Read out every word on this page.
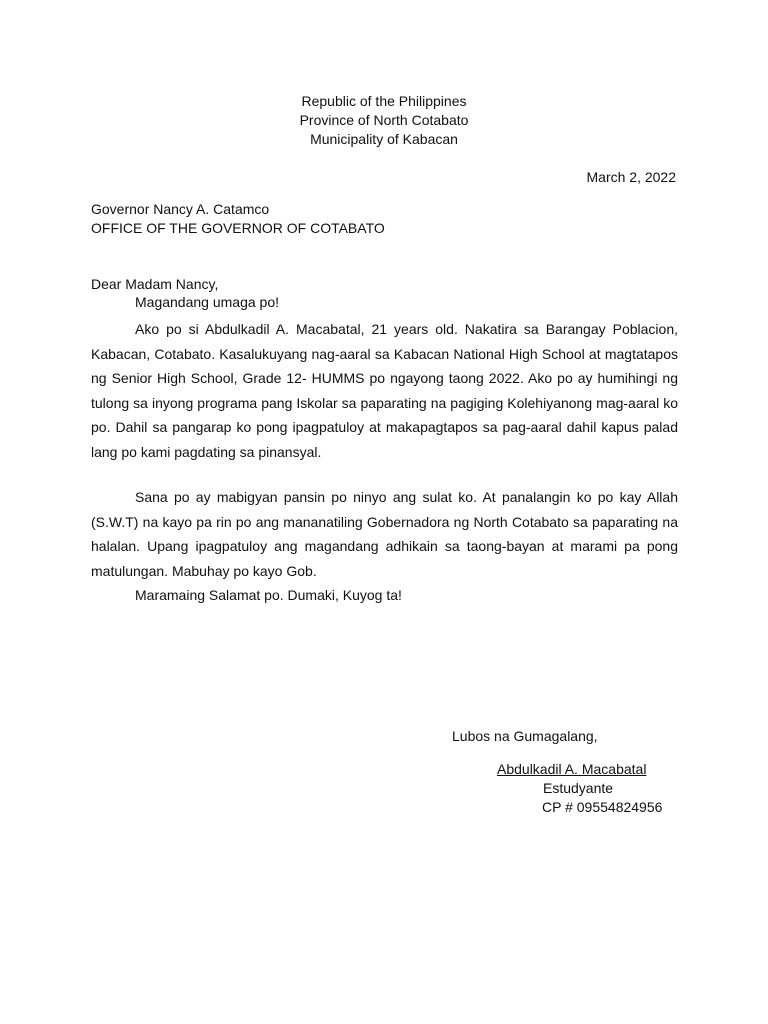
Republic of the Philippines
Province of North Cotabato
Municipality of Kabacan
March 2, 2022
Governor Nancy A. Catamco
OFFICE OF THE GOVERNOR OF COTABATO
Dear Madam Nancy,
Magandang umaga po!
Ako po si Abdulkadil A. Macabatal, 21 years old. Nakatira sa Barangay Poblacion, Kabacan, Cotabato. Kasalukuyang nag-aaral sa Kabacan National High School at magtatapos ng Senior High School, Grade 12- HUMMS po ngayong taong 2022. Ako po ay humihingi ng tulong sa inyong programa pang Iskolar sa paparating na pagiging Kolehiyanong mag-aaral ko po. Dahil sa pangarap ko pong ipagpatuloy at makapagtapos sa pag-aaral dahil kapus palad lang po kami pagdating sa pinansyal.
Sana po ay mabigyan pansin po ninyo ang sulat ko. At panalangin ko po kay Allah (S.W.T) na kayo pa rin po ang mananatiling Gobernadora ng North Cotabato sa paparating na halalan. Upang ipagpatuloy ang magandang adhikain sa taong-bayan at marami pa pong matulungan. Mabuhay po kayo Gob.
Maramaing Salamat po. Dumaki, Kuyog ta!
Lubos na Gumagalang,
Abdulkadil A. Macabatal
Estudyante
CP # 09554824956
